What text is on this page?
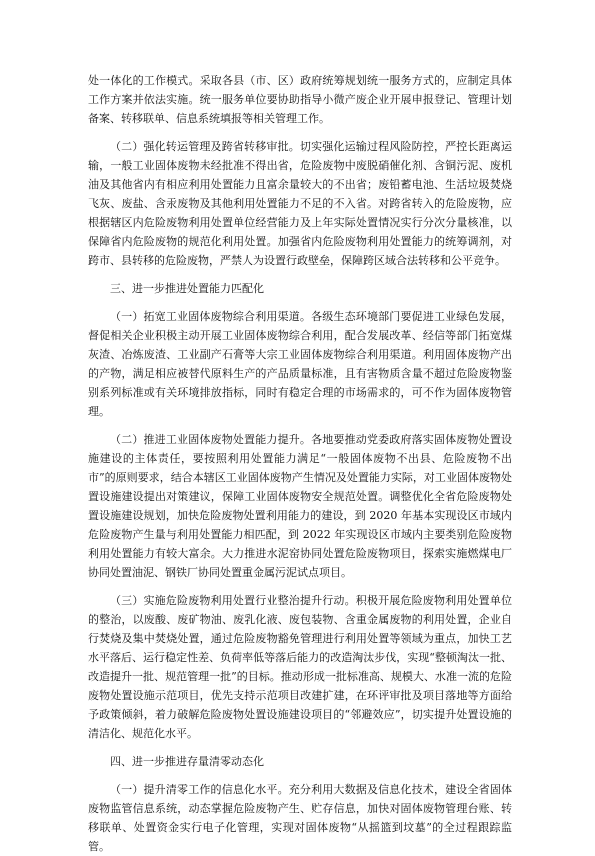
处一体化的工作模式。采取各县（市、区）政府统筹规划统一服务方式的，应制定具体工作方案并依法实施。统一服务单位要协助指导小微产废企业开展申报登记、管理计划备案、转移联单、信息系统填报等相关管理工作。

（二）强化转运管理及跨省转移审批。切实强化运输过程风险防控，严控长距离运输，一般工业固体废物未经批准不得出省，危险废物中废脱硝催化剂、含铜污泥、废机油及其他省内有相应利用处置能力且富余量较大的不出省；废铅蓄电池、生活垃圾焚烧飞灰、废盐、含汞废物及其他利用处置能力不足的不入省。对跨省转入的危险废物，应根据辖区内危险废物利用处置单位经营能力及上年实际处置情况实行分次分量核准，以保障省内危险废物的规范化利用处置。加强省内危险废物利用处置能力的统筹调剂，对跨市、县转移的危险废物，严禁人为设置行政壁垒，保障跨区域合法转移和公平竞争。

三、进一步推进处置能力匹配化

（一）拓宽工业固体废物综合利用渠道。各级生态环境部门要促进工业绿色发展，督促相关企业积极主动开展工业固体废物综合利用，配合发展改革、经信等部门拓宽煤灰渣、冶炼废渣、工业副产石膏等大宗工业固体废物综合利用渠道。利用固体废物产出的产物，满足相应被替代原料生产的产品质量标准，且有害物质含量不超过危险废物鉴别系列标准或有关环境排放指标，同时有稳定合理的市场需求的，可不作为固体废物管理。

（二）推进工业固体废物处置能力提升。各地要推动党委政府落实固体废物处置设施建设的主体责任，要按照利用处置能力满足“一般固体废物不出县、危险废物不出市”的原则要求，结合本辖区工业固体废物产生情况及处置能力实际，对工业固体废物处置设施建设提出对策建议，保障工业固体废物安全规范处置。调整优化全省危险废物处置设施建设规划，加快危险废物处置利用能力的建设，到 2020 年基本实现设区市域内危险废物产生量与利用处置能力相匹配，到 2022 年实现设区市域内主要类别危险废物利用处置能力有较大富余。大力推进水泥窑协同处置危险废物项目，探索实施燃煤电厂协同处置油泥、钢铁厂协同处置重金属污泥试点项目。

（三）实施危险废物利用处置行业整治提升行动。积极开展危险废物利用处置单位的整治，以废酸、废矿物油、废乳化液、废包装物、含重金属废物的利用处置，企业自行焚烧及集中焚烧处置，通过危险废物豁免管理进行利用处置等领域为重点，加快工艺水平落后、运行稳定性差、负荷率低等落后能力的改造淘汰步伐，实现“整顿淘汰一批、改造提升一批、规范管理一批”的目标。推动形成一批标准高、规模大、水准一流的危险废物处置设施示范项目，优先支持示范项目改建扩建，在环评审批及项目落地等方面给予政策倾斜，着力破解危险废物处置设施建设项目的“邻避效应”，切实提升处置设施的清洁化、规范化水平。

四、进一步推进存量清零动态化

（一）提升清零工作的信息化水平。充分利用大数据及信息化技术，建设全省固体废物监管信息系统，动态掌握危险废物产生、贮存信息，加快对固体废物管理台账、转移联单、处置资金实行电子化管理，实现对固体废物“从摇篮到坟墓”的全过程跟踪监管。
